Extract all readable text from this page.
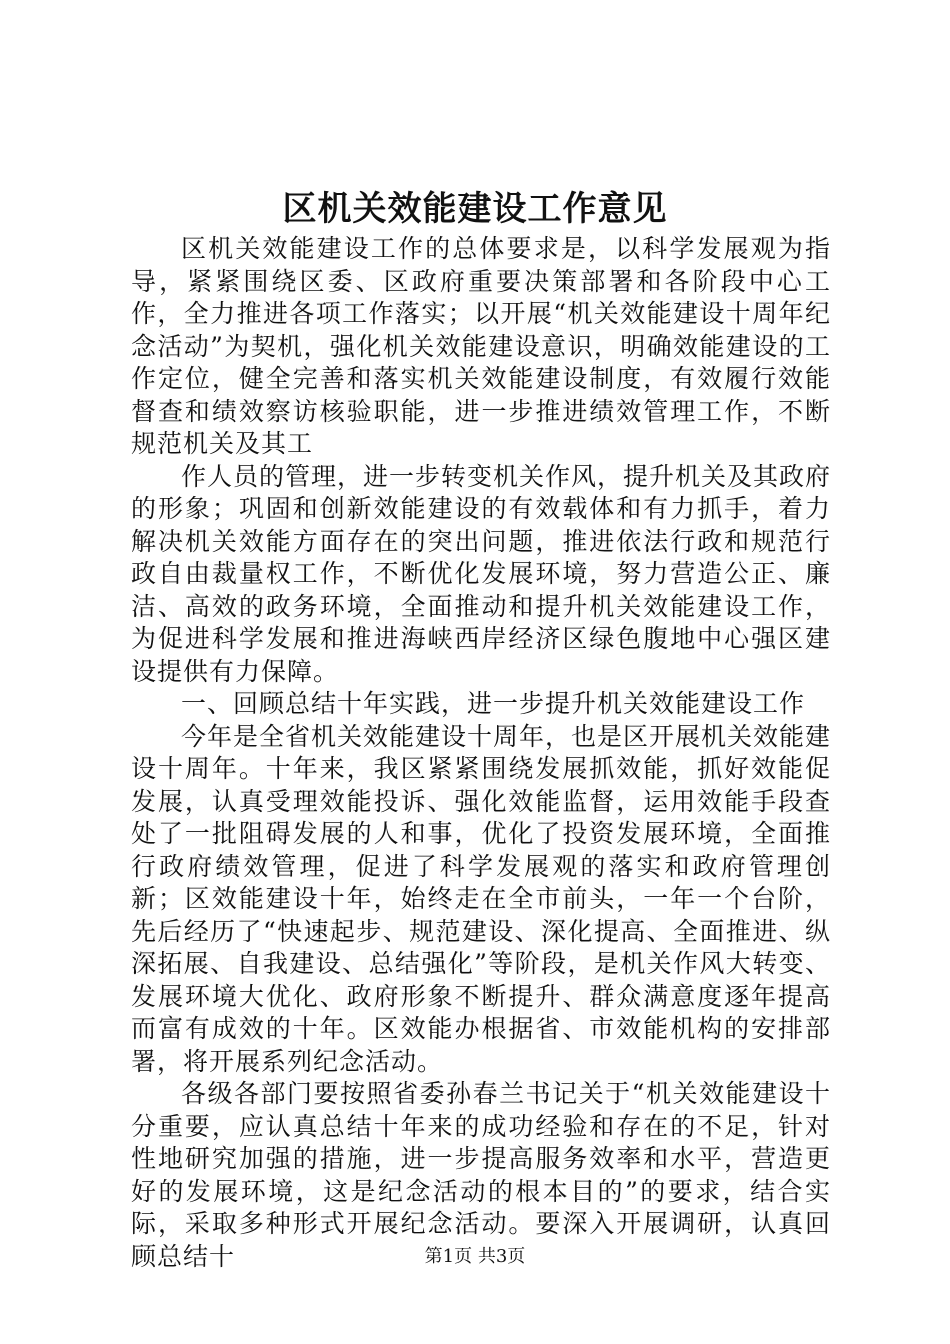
区机关效能建设工作意见

区机关效能建设工作的总体要求是，以科学发展观为指导，紧紧围绕区委、区政府重要决策部署和各阶段中心工作，全力推进各项工作落实；以开展“机关效能建设十周年纪念活动”为契机，强化机关效能建设意识，明确效能建设的工作定位，健全完善和落实机关效能建设制度，有效履行效能督查和绩效察访核验职能，进一步推进绩效管理工作，不断规范机关及其工

作人员的管理，进一步转变机关作风，提升机关及其政府的形象；巩固和创新效能建设的有效载体和有力抓手，着力解决机关效能方面存在的突出问题，推进依法行政和规范行政自由裁量权工作，不断优化发展环境，努力营造公正、廉洁、高效的政务环境，全面推动和提升机关效能建设工作，为促进科学发展和推进海峡西岸经济区绿色腹地中心强区建设提供有力保障。

一、回顾总结十年实践，进一步提升机关效能建设工作

今年是全省机关效能建设十周年，也是区开展机关效能建设十周年。十年来，我区紧紧围绕发展抓效能，抓好效能促发展，认真受理效能投诉、强化效能监督，运用效能手段查处了一批阻碍发展的人和事，优化了投资发展环境，全面推行政府绩效管理，促进了科学发展观的落实和政府管理创新；区效能建设十年，始终走在全市前头，一年一个台阶，先后经历了“快速起步、规范建设、深化提高、全面推进、纵深拓展、自我建设、总结强化”等阶段，是机关作风大转变、发展环境大优化、政府形象不断提升、群众满意度逐年提高而富有成效的十年。区效能办根据省、市效能机构的安排部署，将开展系列纪念活动。

各级各部门要按照省委孙春兰书记关于“机关效能建设十分重要，应认真总结十年来的成功经验和存在的不足，针对性地研究加强的措施，进一步提高服务效率和水平，营造更好的发展环境，这是纪念活动的根本目的”的要求，结合实际，采取多种形式开展纪念活动。要深入开展调研，认真回顾总结十	第1页 共3页
